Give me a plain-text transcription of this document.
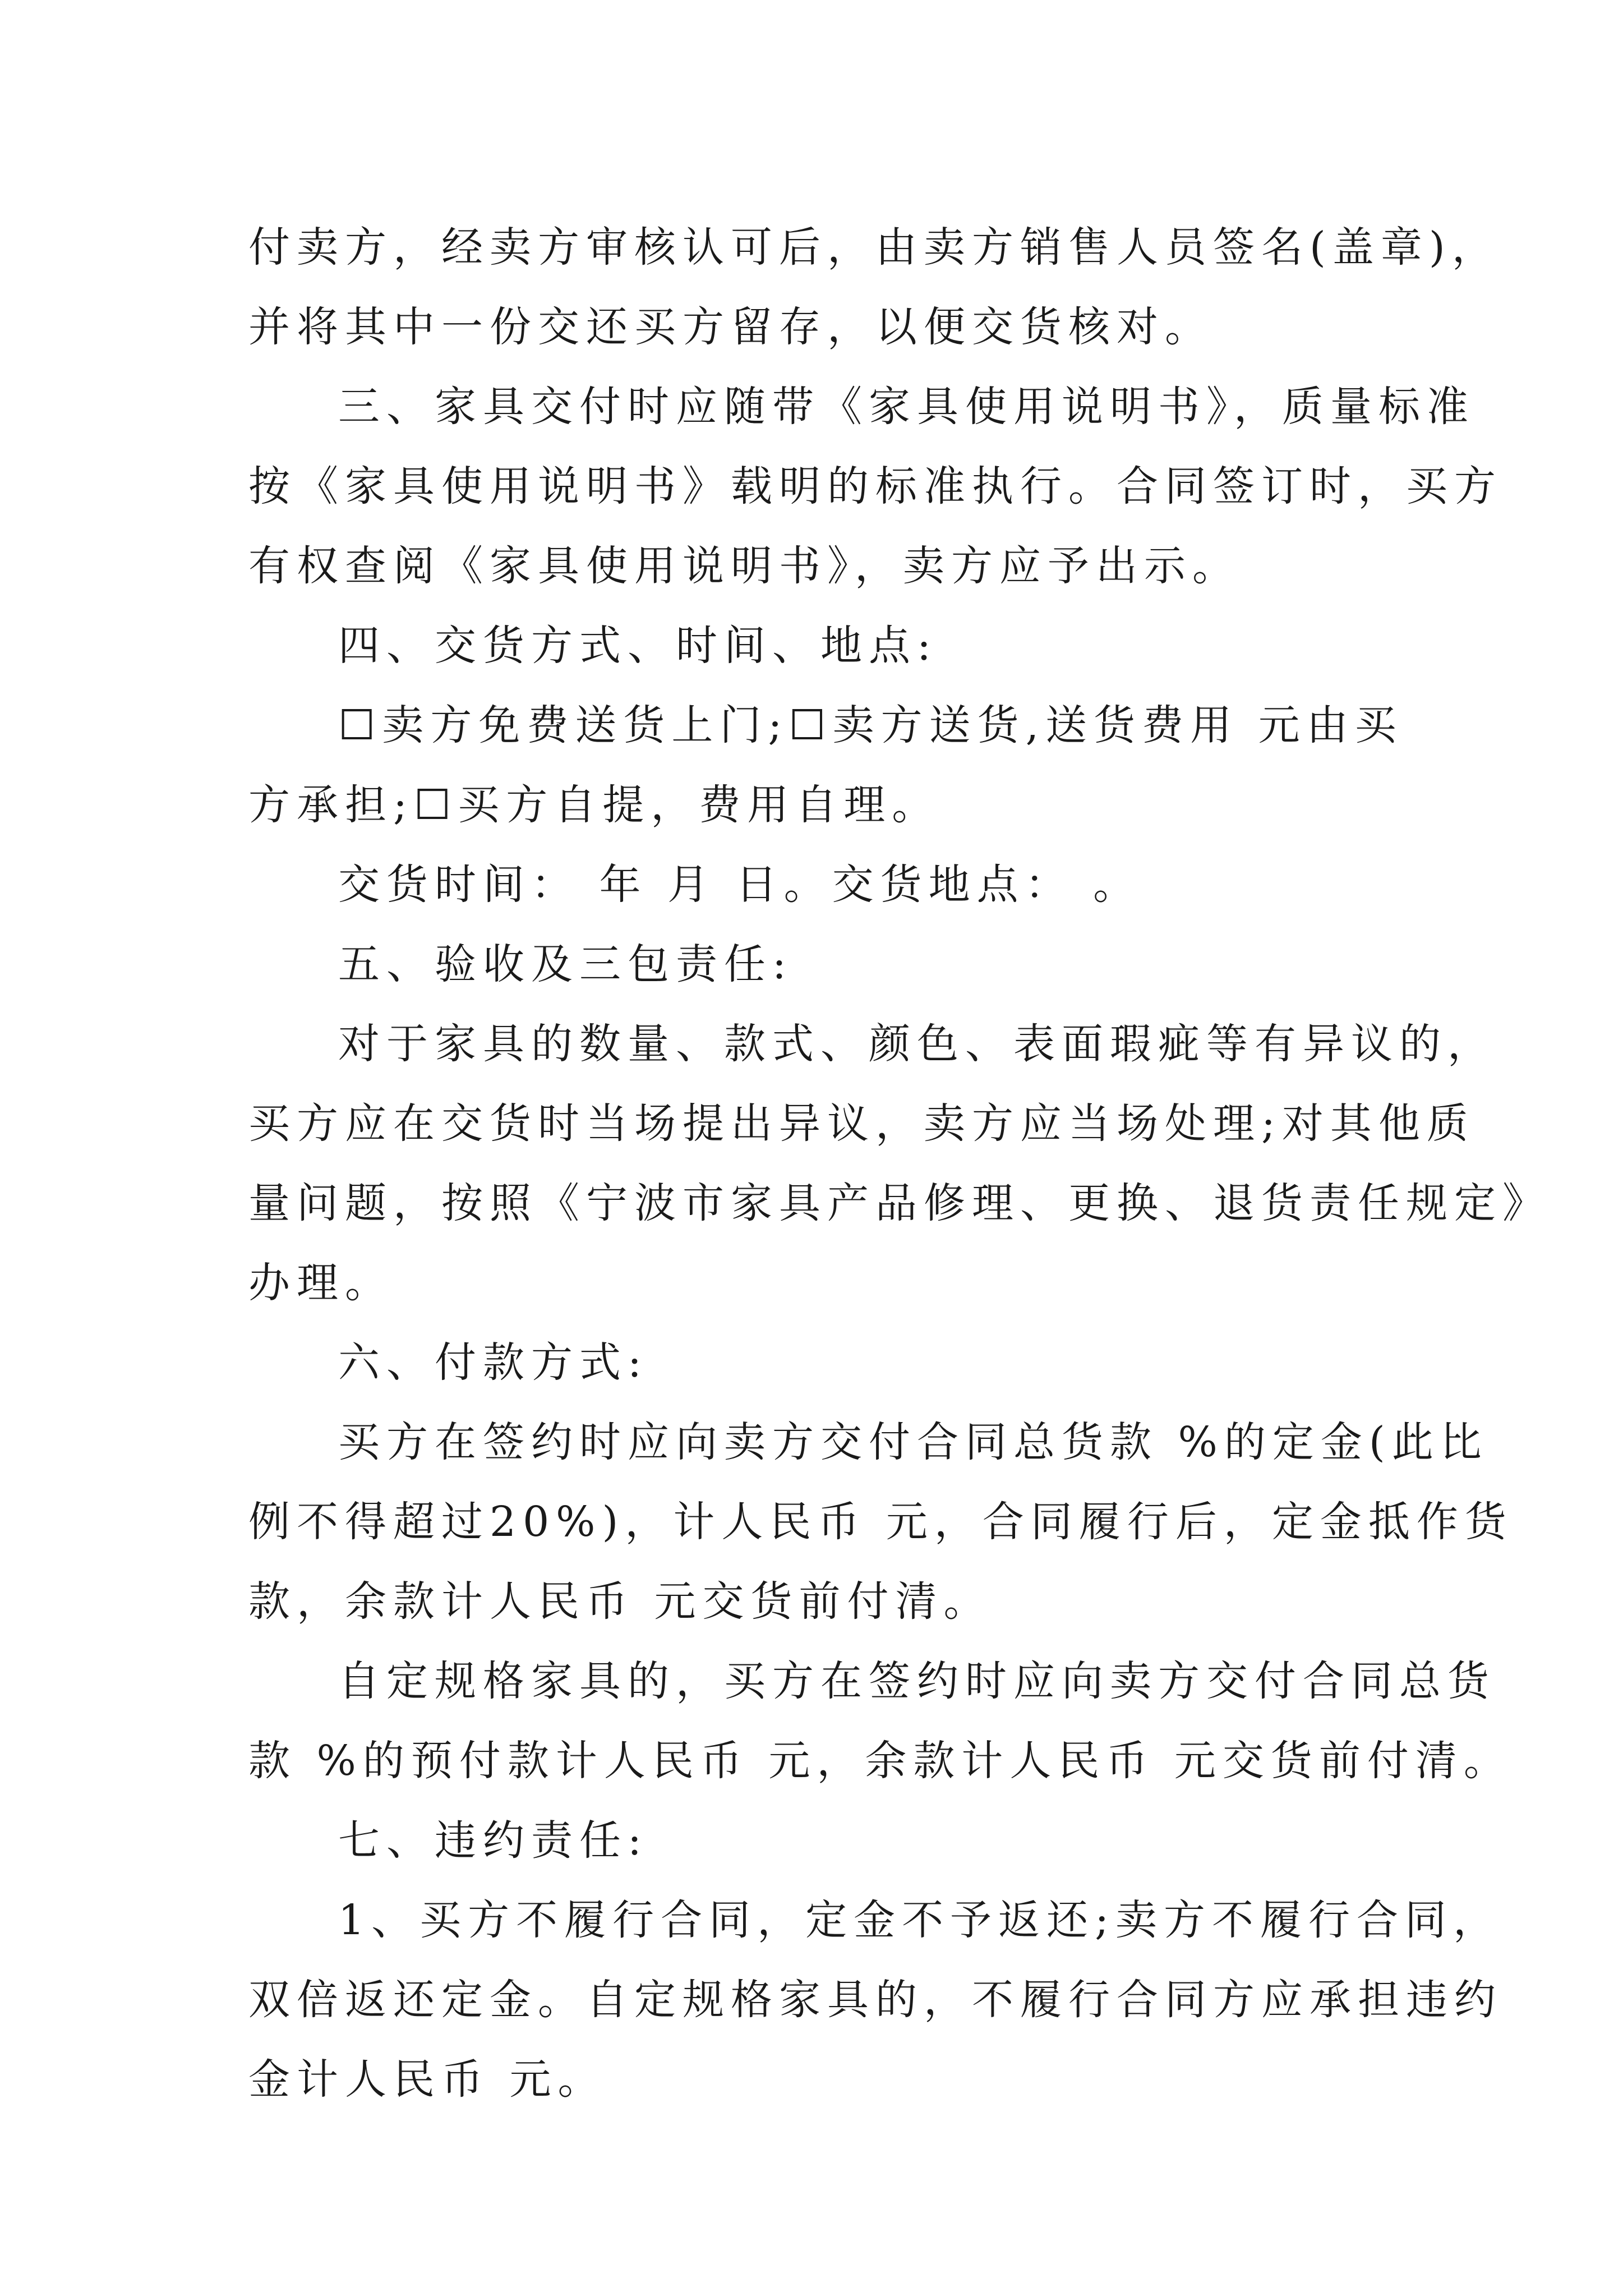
付卖方，经卖方审核认可后，由卖方销售人员签名(盖章)，
并将其中一份交还买方留存，以便交货核对。
三、家具交付时应随带《家具使用说明书》，质量标准
按《家具使用说明书》载明的标准执行。合同签订时，买方
有权查阅《家具使用说明书》，卖方应予出示。
四、交货方式、时间、地点:
☐卖方免费送货上门;☐卖方送货,送货费用 元由买
方承担;☐买方自提，费用自理。
交货时间： 年 月 日。交货地点： 。
五、验收及三包责任:
对于家具的数量、款式、颜色、表面瑕疵等有异议的，
买方应在交货时当场提出异议，卖方应当场处理;对其他质
量问题，按照《宁波市家具产品修理、更换、退货责任规定》
办理。
六、付款方式:
买方在签约时应向卖方交付合同总货款 %的定金(此比
例不得超过20%)，计人民币 元，合同履行后，定金抵作货
款，余款计人民币 元交货前付清。
自定规格家具的，买方在签约时应向卖方交付合同总货
款 %的预付款计人民币 元，余款计人民币 元交货前付清。
七、违约责任:
1、买方不履行合同，定金不予返还;卖方不履行合同，
双倍返还定金。自定规格家具的，不履行合同方应承担违约
金计人民币 元。
